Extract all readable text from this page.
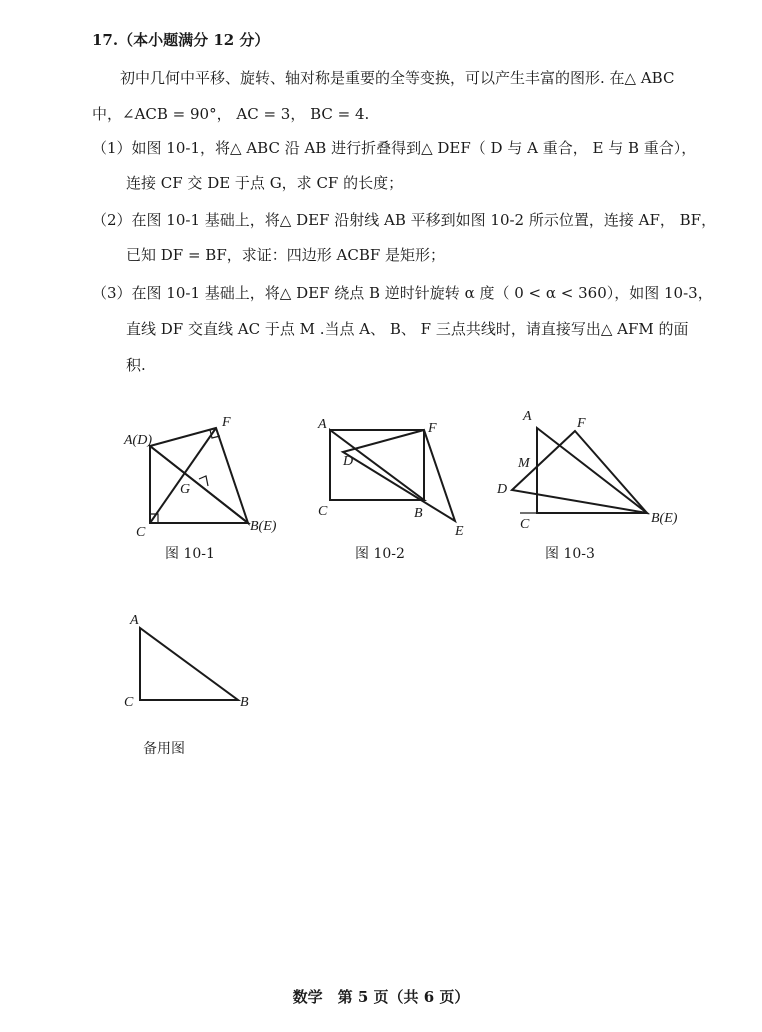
17.（本小题满分 12 分）
初中几何中平移、旋转、轴对称是重要的全等变换，可以产生丰富的图形. 在△ ABC
中，∠ACB = 90°， AC = 3， BC = 4.
（1）如图 10-1，将△ ABC 沿 AB 进行折叠得到△ DEF（ D 与 A 重合， E 与 B 重合），
连接 CF 交 DE 于点 G，求 CF 的长度；
（2）在图 10-1 基础上，将△ DEF 沿射线 AB 平移到如图 10-2 所示位置，连接 AF， BF，
已知 DF = BF，求证：四边形 ACBF 是矩形；
（3）在图 10-1 基础上，将△ DEF 绕点 B 逆时针旋转 α 度（ 0 < α < 360），如图 10-3，
直线 DF 交直线 AC 于点 M .当点 A、 B、 F 三点共线时，请直接写出△ AFM 的面
积.
A(D)
F
G
C	B(E)
A	F
D
C	B
E
A	F
M
D
C	B(E)
A
C	B
图 10-1	图 10-2	图 10-3
备用图
数学　第 5 页（共 6 页）
